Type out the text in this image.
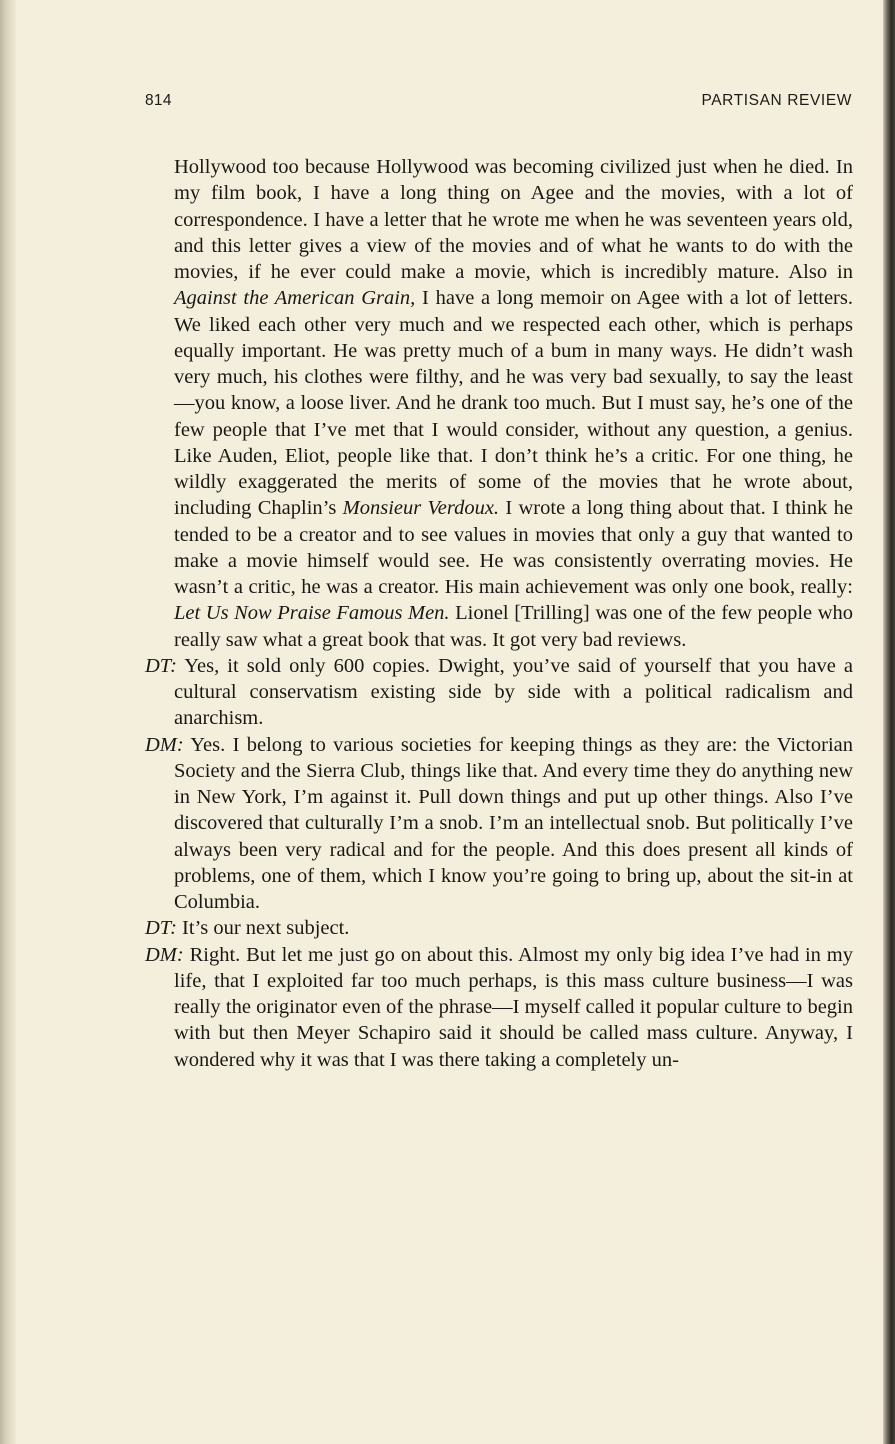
814	PARTISAN REVIEW

Hollywood too because Hollywood was becoming civilized just when he died. In my film book, I have a long thing on Agee and the movies, with a lot of correspondence. I have a letter that he wrote me when he was seventeen years old, and this letter gives a view of the movies and of what he wants to do with the movies, if he ever could make a movie, which is incredibly mature. Also in Against the American Grain, I have a long memoir on Agee with a lot of letters. We liked each other very much and we respected each other, which is perhaps equally important. He was pretty much of a bum in many ways. He didn’t wash very much, his clothes were filthy, and he was very bad sexually, to say the least—you know, a loose liver. And he drank too much. But I must say, he’s one of the few people that I’ve met that I would consider, without any question, a genius. Like Auden, Eliot, people like that. I don’t think he’s a critic. For one thing, he wildly exaggerated the merits of some of the movies that he wrote about, including Chaplin’s Monsieur Verdoux. I wrote a long thing about that. I think he tended to be a creator and to see values in movies that only a guy that wanted to make a movie himself would see. He was consistently overrating movies. He wasn’t a critic, he was a creator. His main achievement was only one book, really: Let Us Now Praise Famous Men. Lionel [Trilling] was one of the few people who really saw what a great book that was. It got very bad reviews.

DT: Yes, it sold only 600 copies. Dwight, you’ve said of yourself that you have a cultural conservatism existing side by side with a political radicalism and anarchism.

DM: Yes. I belong to various societies for keeping things as they are: the Victorian Society and the Sierra Club, things like that. And every time they do anything new in New York, I’m against it. Pull down things and put up other things. Also I’ve discovered that culturally I’m a snob. I’m an intellectual snob. But politically I’ve always been very radical and for the people. And this does present all kinds of problems, one of them, which I know you’re going to bring up, about the sit-in at Columbia.

DT: It’s our next subject.

DM: Right. But let me just go on about this. Almost my only big idea I’ve had in my life, that I exploited far too much perhaps, is this mass culture business—I was really the originator even of the phrase—I myself called it popular culture to begin with but then Meyer Schapiro said it should be called mass culture. Anyway, I wondered why it was that I was there taking a completely un-
